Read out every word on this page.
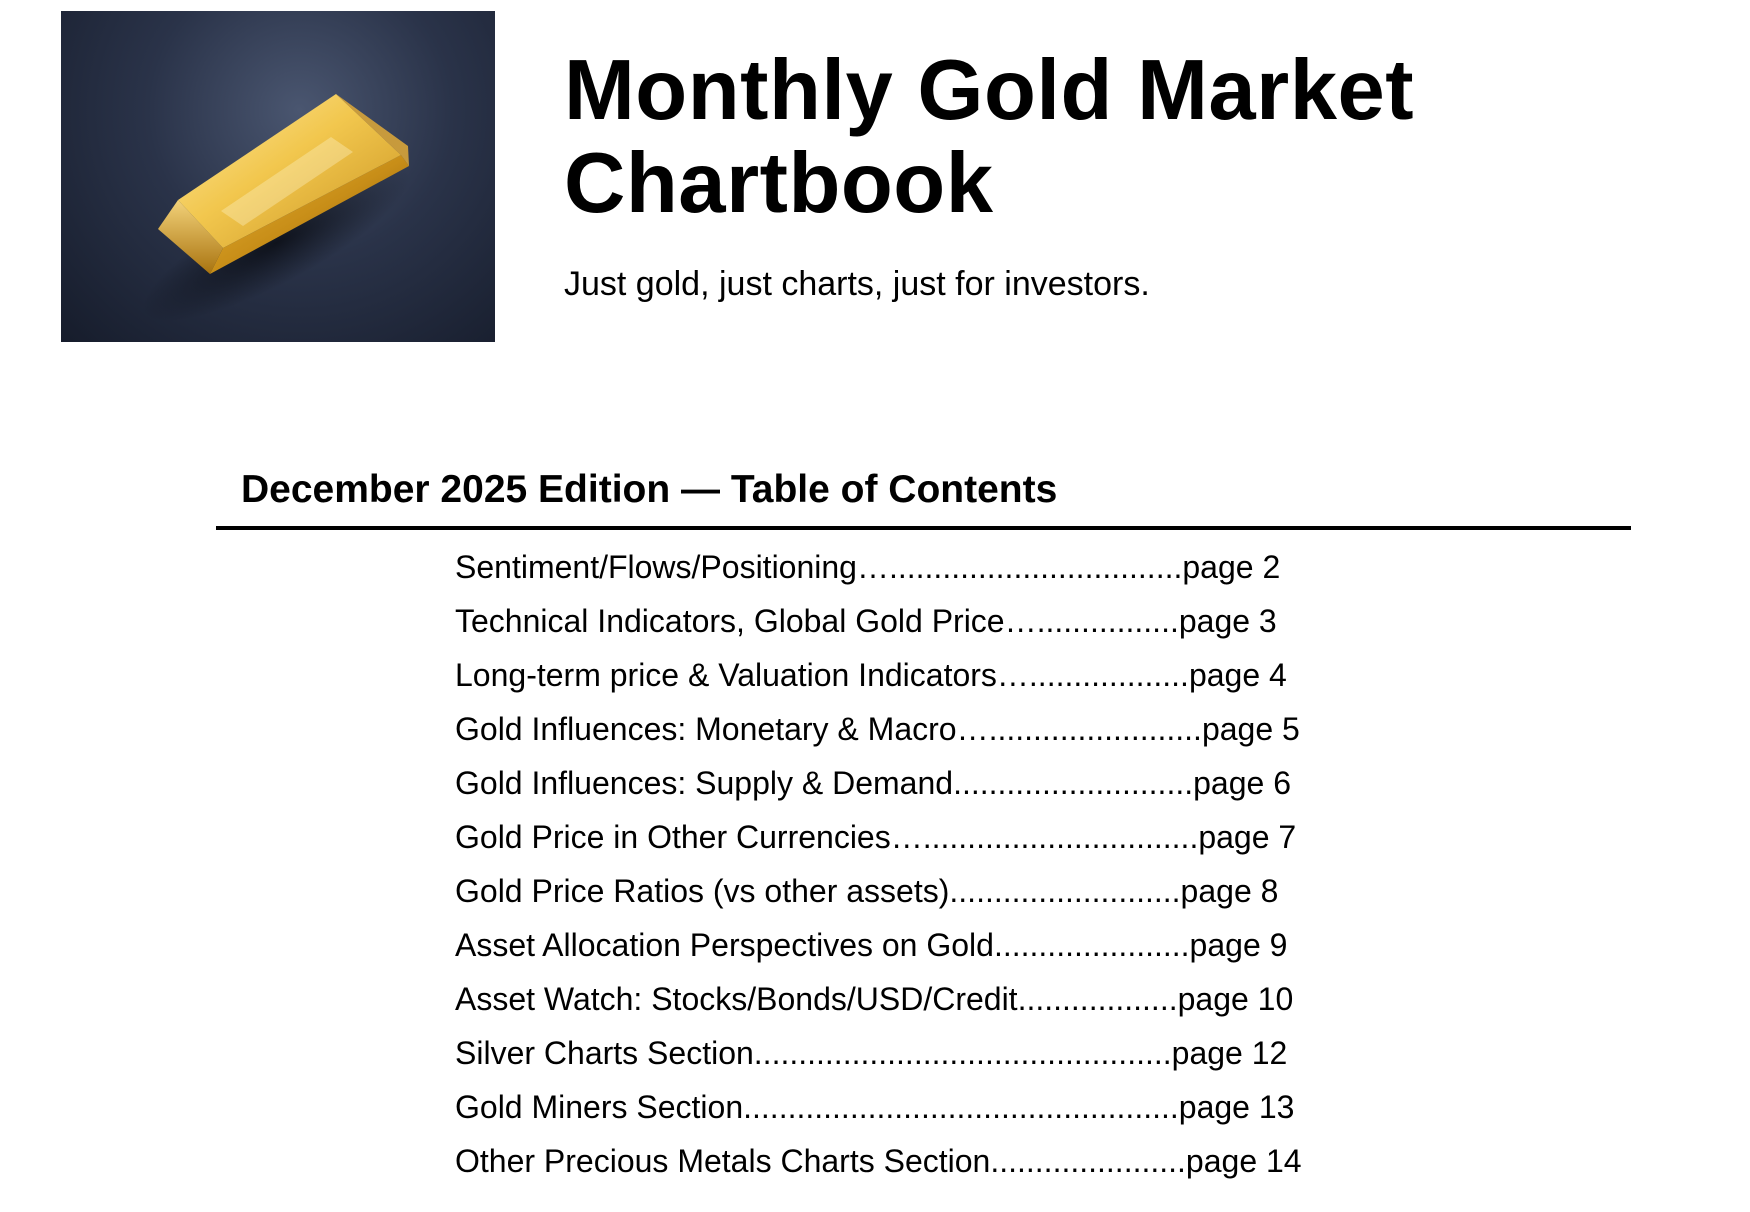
Monthly Gold Market Chartbook

Just gold, just charts, just for investors.

December 2025 Edition — Table of Contents
Sentiment/Flows/Positioning….................................page 2
Technical Indicators, Global Gold Price…................page 3
Long-term price & Valuation Indicators…..................page 4
Gold Influences: Monetary & Macro…........................page 5
Gold Influences: Supply & Demand...........................page 6
Gold Price in Other Currencies…...............................page 7
Gold Price Ratios (vs other assets)..........................page 8
Asset Allocation Perspectives on Gold......................page 9
Asset Watch: Stocks/Bonds/USD/Credit..................page 10
Silver Charts Section...............................................page 12
Gold Miners Section.................................................page 13
Other Precious Metals Charts Section......................page 14
